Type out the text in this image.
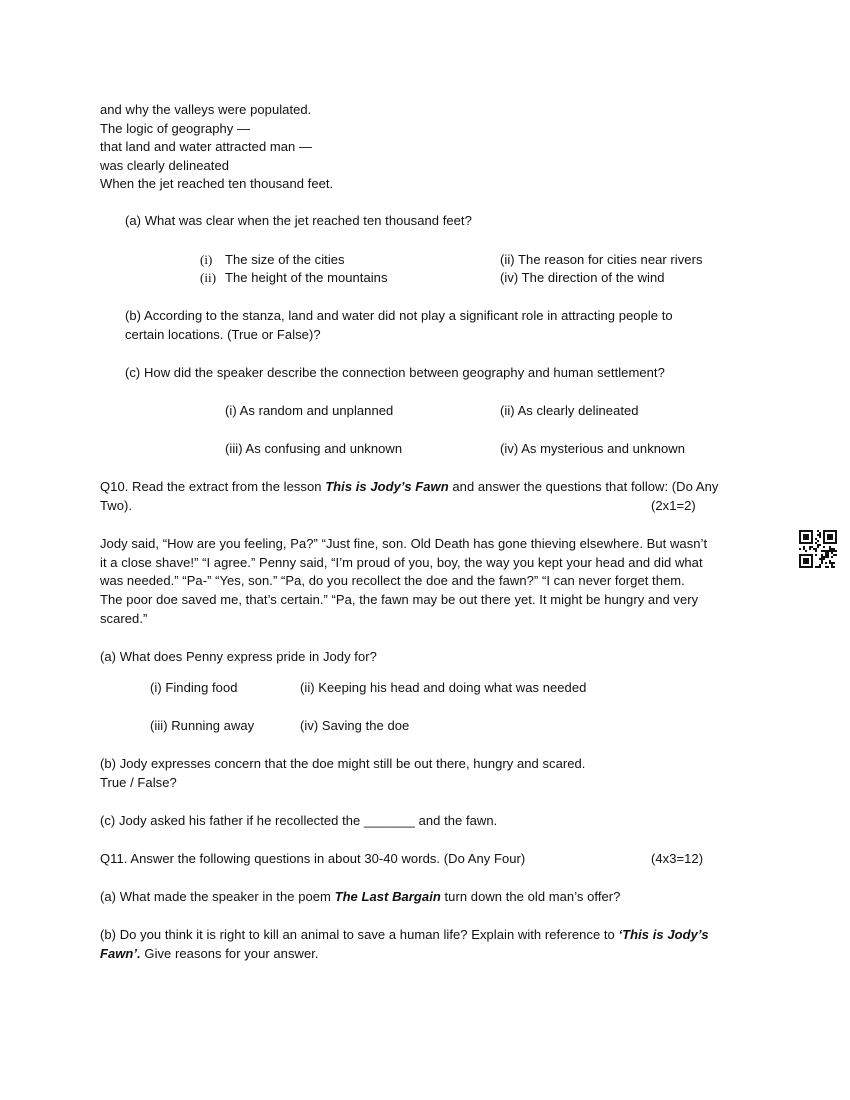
and why the valleys were populated.
The logic of geography —
that land and water attracted man —
was clearly delineated
When the jet reached ten thousand feet.
(a) What was clear when the jet reached ten thousand feet?
(i) The size of the cities	(ii) The reason for cities near rivers
(ii) The height of the mountains	(iv) The direction of the wind
(b) According to the stanza, land and water did not play a significant role in attracting people to
certain locations. (True or False)?
(c) How did the speaker describe the connection between geography and human settlement?
(i) As random and unplanned	(ii) As clearly delineated
(iii) As confusing and unknown	(iv) As mysterious and unknown
Q10. Read the extract from the lesson This is Jody’s Fawn and answer the questions that follow: (Do Any
Two).	(2x1=2)
Jody said, “How are you feeling, Pa?” “Just fine, son. Old Death has gone thieving elsewhere. But wasn’t
it a close shave!” “I agree.” Penny said, “I’m proud of you, boy, the way you kept your head and did what
was needed.” “Pa-” “Yes, son.” “Pa, do you recollect the doe and the fawn?” “I can never forget them.
The poor doe saved me, that’s certain.” “Pa, the fawn may be out there yet. It might be hungry and very
scared.”
(a) What does Penny express pride in Jody for?
(i) Finding food	(ii) Keeping his head and doing what was needed
(iii) Running away	(iv) Saving the doe
(b) Jody expresses concern that the doe might still be out there, hungry and scared.
True / False?
(c) Jody asked his father if he recollected the _______ and the fawn.
Q11. Answer the following questions in about 30-40 words. (Do Any Four)	(4x3=12)
(a) What made the speaker in the poem The Last Bargain turn down the old man’s offer?
(b) Do you think it is right to kill an animal to save a human life? Explain with reference to ‘This is Jody’s
Fawn’. Give reasons for your answer.
